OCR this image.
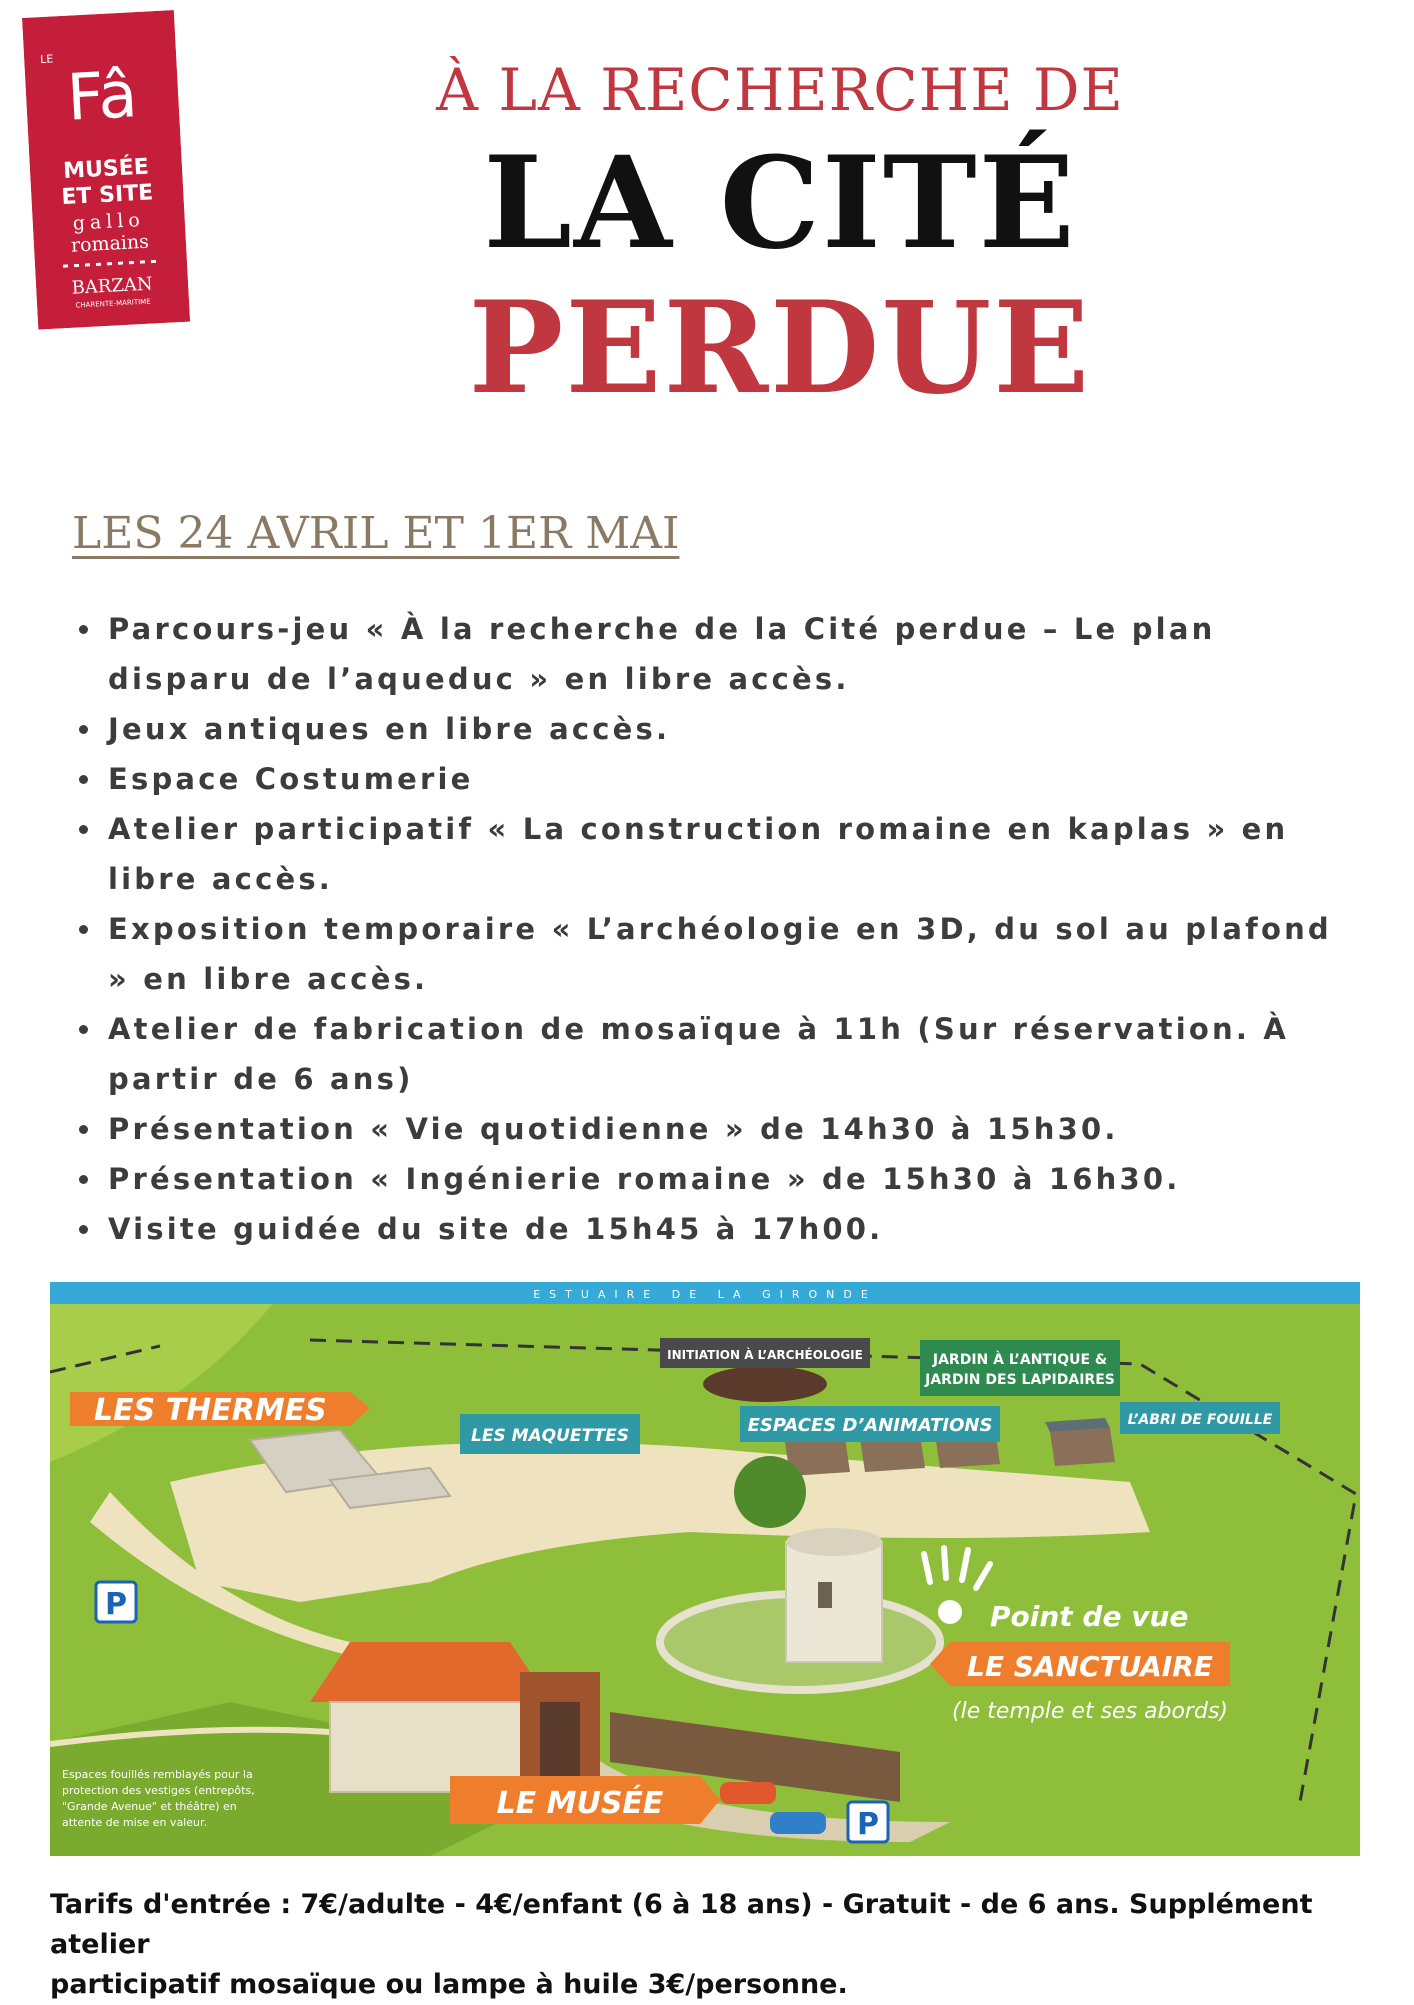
LE Fâ
MUSÉE
ET SITE
gallo
romains
BARZAN
CHARENTE-MARITIME

À LA RECHERCHE DE

LA CITÉ

PERDUE

LES 24 AVRIL ET 1ER MAI
• Parcours-jeu « À la recherche de la Cité perdue – Le plan disparu de l’aqueduc » en libre accès.
• Jeux antiques en libre accès.
• Espace Costumerie
• Atelier participatif « La construction romaine en kaplas » en libre accès.
• Exposition temporaire « L’archéologie en 3D, du sol au plafond » en libre accès.
• Atelier de fabrication de mosaïque à 11h (Sur réservation. À partir de 6 ans)
• Présentation « Vie quotidienne » de 14h30 à 15h30.
• Présentation « Ingénierie romaine » de 15h30 à 16h30.
• Visite guidée du site de 15h45 à 17h00.
ESTUAIRE DE LA GIRONDE
LES THERMES
LES MAQUETTES
INITIATION À L’ARCHÉOLOGIE	JARDIN À L’ANTIQUE &
JARDIN DES LAPIDAIRES
ESPACES D’ANIMATIONS	L’ABRI DE FOUILLE
P
P
Point de vue
LE SANCTUAIRE
(le temple et ses abords)
LE MUSÉE
Espaces fouillés remblayés pour la
protection des vestiges (entrepôts,
"Grande Avenue" et théâtre) en
attente de mise en valeur.

Tarifs d'entrée : 7€/adulte - 4€/enfant (6 à 18 ans) - Gratuit - de 6 ans. Supplément atelier
participatif mosaïque ou lampe à huile 3€/personne.
